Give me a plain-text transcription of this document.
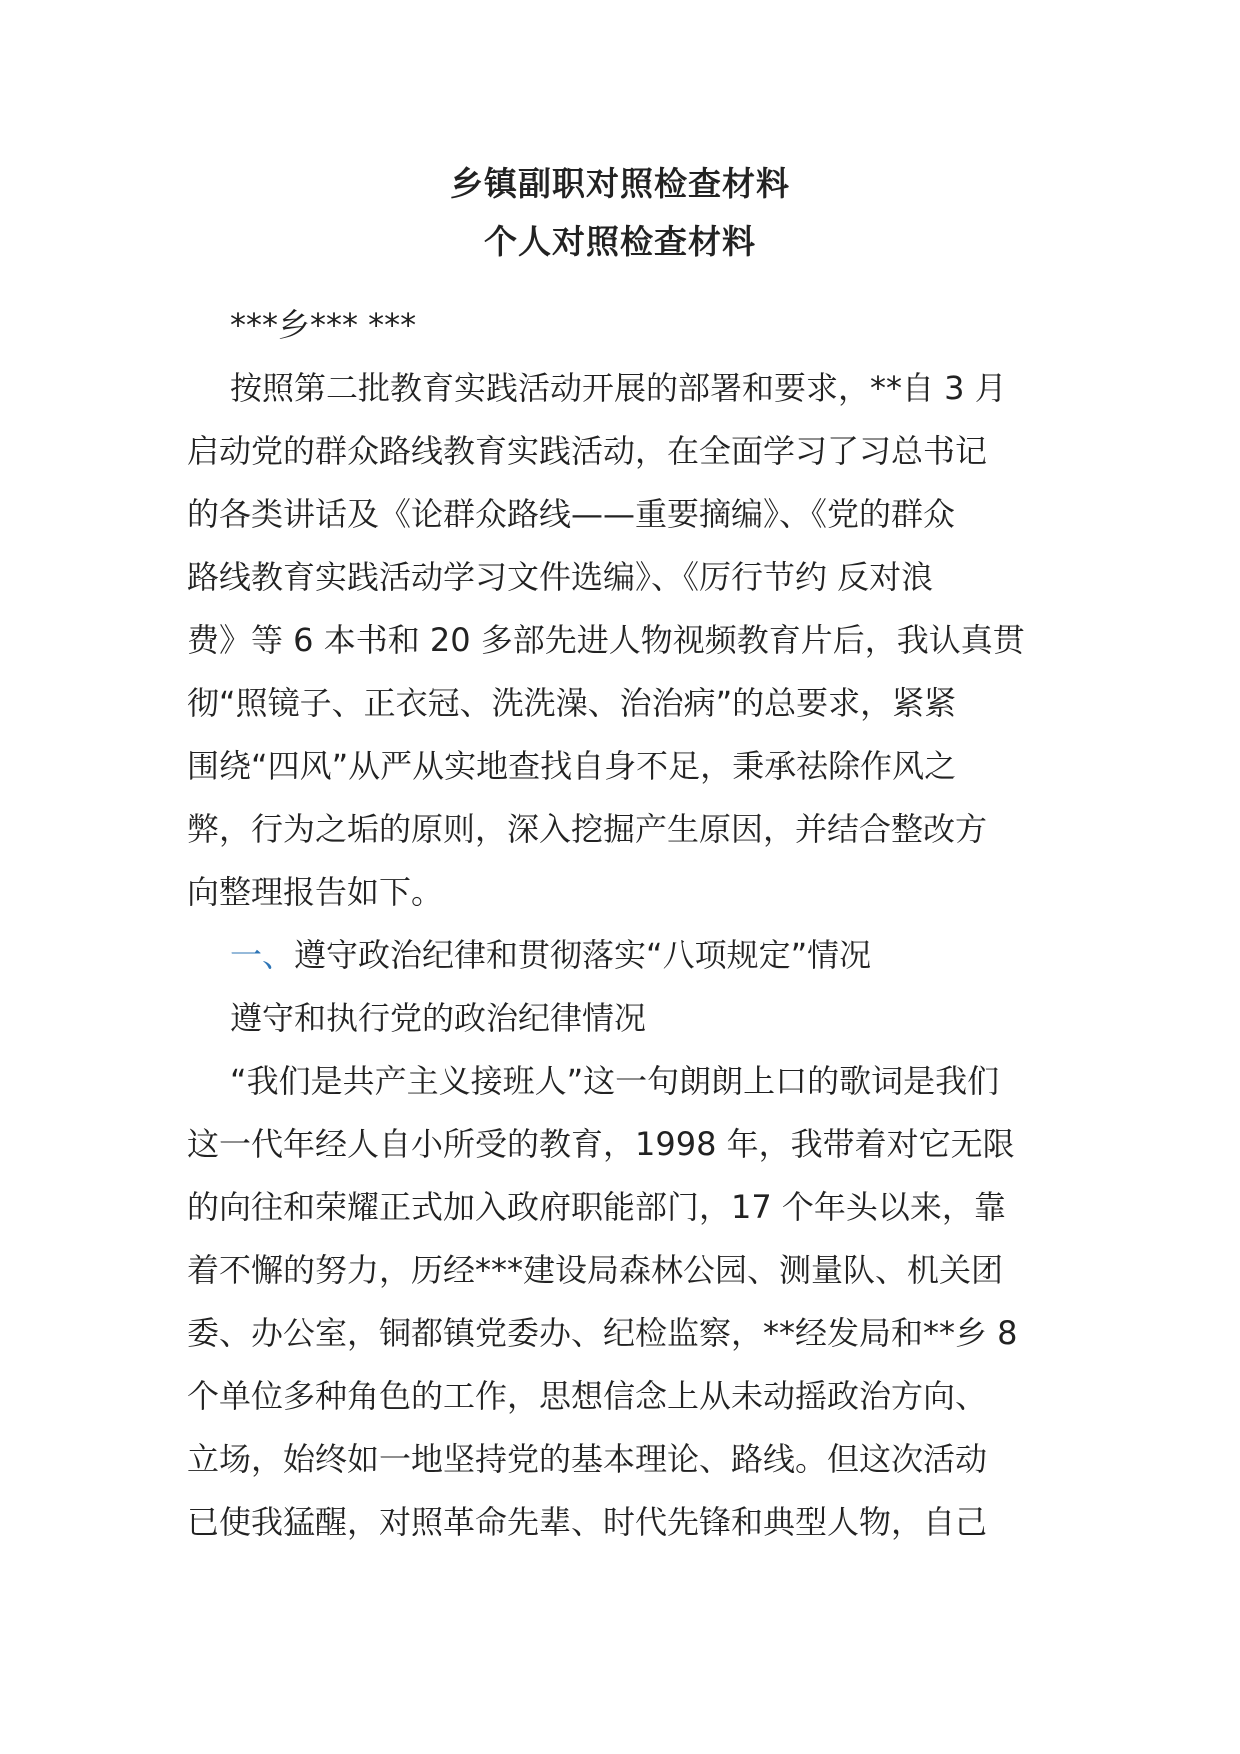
乡镇副职对照检查材料
个人对照检查材料
***乡*** ***
按照第二批教育实践活动开展的部署和要求，**自 3 月
启动党的群众路线教育实践活动，在全面学习了习总书记
的各类讲话及《论群众路线——重要摘编》、《党的群众
路线教育实践活动学习文件选编》、《厉行节约 反对浪
费》等 6 本书和 20 多部先进人物视频教育片后，我认真贯
彻“照镜子、正衣冠、洗洗澡、治治病”的总要求，紧紧
围绕“四风”从严从实地查找自身不足，秉承祛除作风之
弊，行为之垢的原则，深入挖掘产生原因，并结合整改方
向整理报告如下。
一、遵守政治纪律和贯彻落实“八项规定”情况
遵守和执行党的政治纪律情况
“我们是共产主义接班人”这一句朗朗上口的歌词是我们
这一代年经人自小所受的教育，1998 年，我带着对它无限
的向往和荣耀正式加入政府职能部门，17 个年头以来，靠
着不懈的努力，历经***建设局森林公园、测量队、机关团
委、办公室，铜都镇党委办、纪检监察，**经发局和**乡 8
个单位多种角色的工作，思想信念上从未动摇政治方向、
立场，始终如一地坚持党的基本理论、路线。但这次活动
已使我猛醒，对照革命先辈、时代先锋和典型人物，自己
